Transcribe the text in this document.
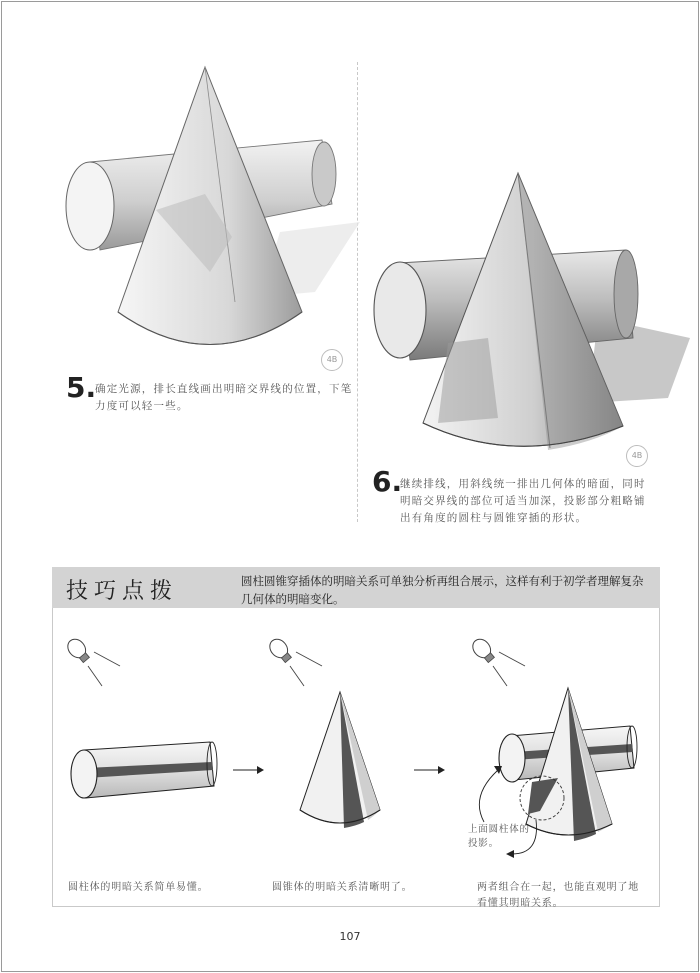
4B
5.
确定光源，排长直线画出明暗交界线的位置，下笔力度可以轻一些。
4B
6.
继续排线，用斜线统一排出几何体的暗面，同时明暗交界线的部位可适当加深，投影部分粗略铺出有角度的圆柱与圆锥穿插的形状。
技巧点拨	圆柱圆锥穿插体的明暗关系可单独分析再组合展示，这样有利于初学者理解复杂几何体的明暗变化。
上面圆柱体的投影。
圆柱体的明暗关系简单易懂。	圆锥体的明暗关系清晰明了。	两者组合在一起，也能直观明了地看懂其明暗关系。
107
